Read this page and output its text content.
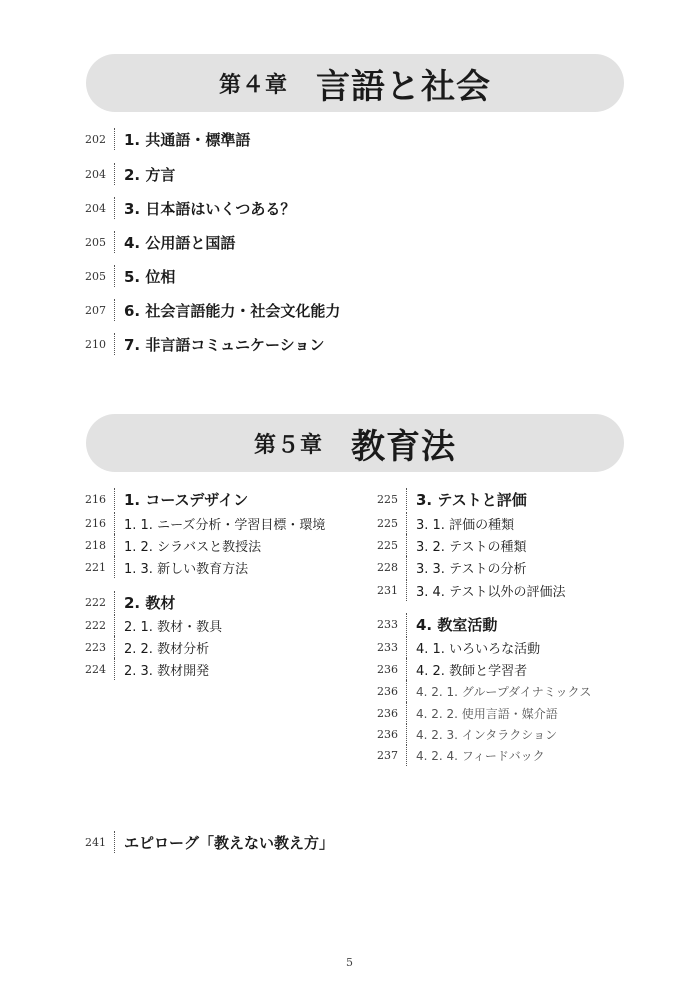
第４章 言語と社会
202	1. 共通語・標準語
204	2. 方言
204	3. 日本語はいくつある？
205	4. 公用語と国語
205	5. 位相
207	6. 社会言語能力・社会文化能力
210	7. 非言語コミュニケーション
第５章 教育法
216	1. コースデザイン
216	1. 1. ニーズ分析・学習目標・環境
218	1. 2. シラバスと教授法
221	1. 3. 新しい教育方法
222	2. 教材
222	2. 1. 教材・教具
223	2. 2. 教材分析
224	2. 3. 教材開発
225	3. テストと評価
225	3. 1. 評価の種類
225	3. 2. テストの種類
228	3. 3. テストの分析
231	3. 4. テスト以外の評価法
233	4. 教室活動
233	4. 1. いろいろな活動
236	4. 2. 教師と学習者
236	4. 2. 1. グループダイナミックス
236	4. 2. 2. 使用言語・媒介語
236	4. 2. 3. インタラクション
237	4. 2. 4. フィードバック
241	エピローグ「教えない教え方」
5
